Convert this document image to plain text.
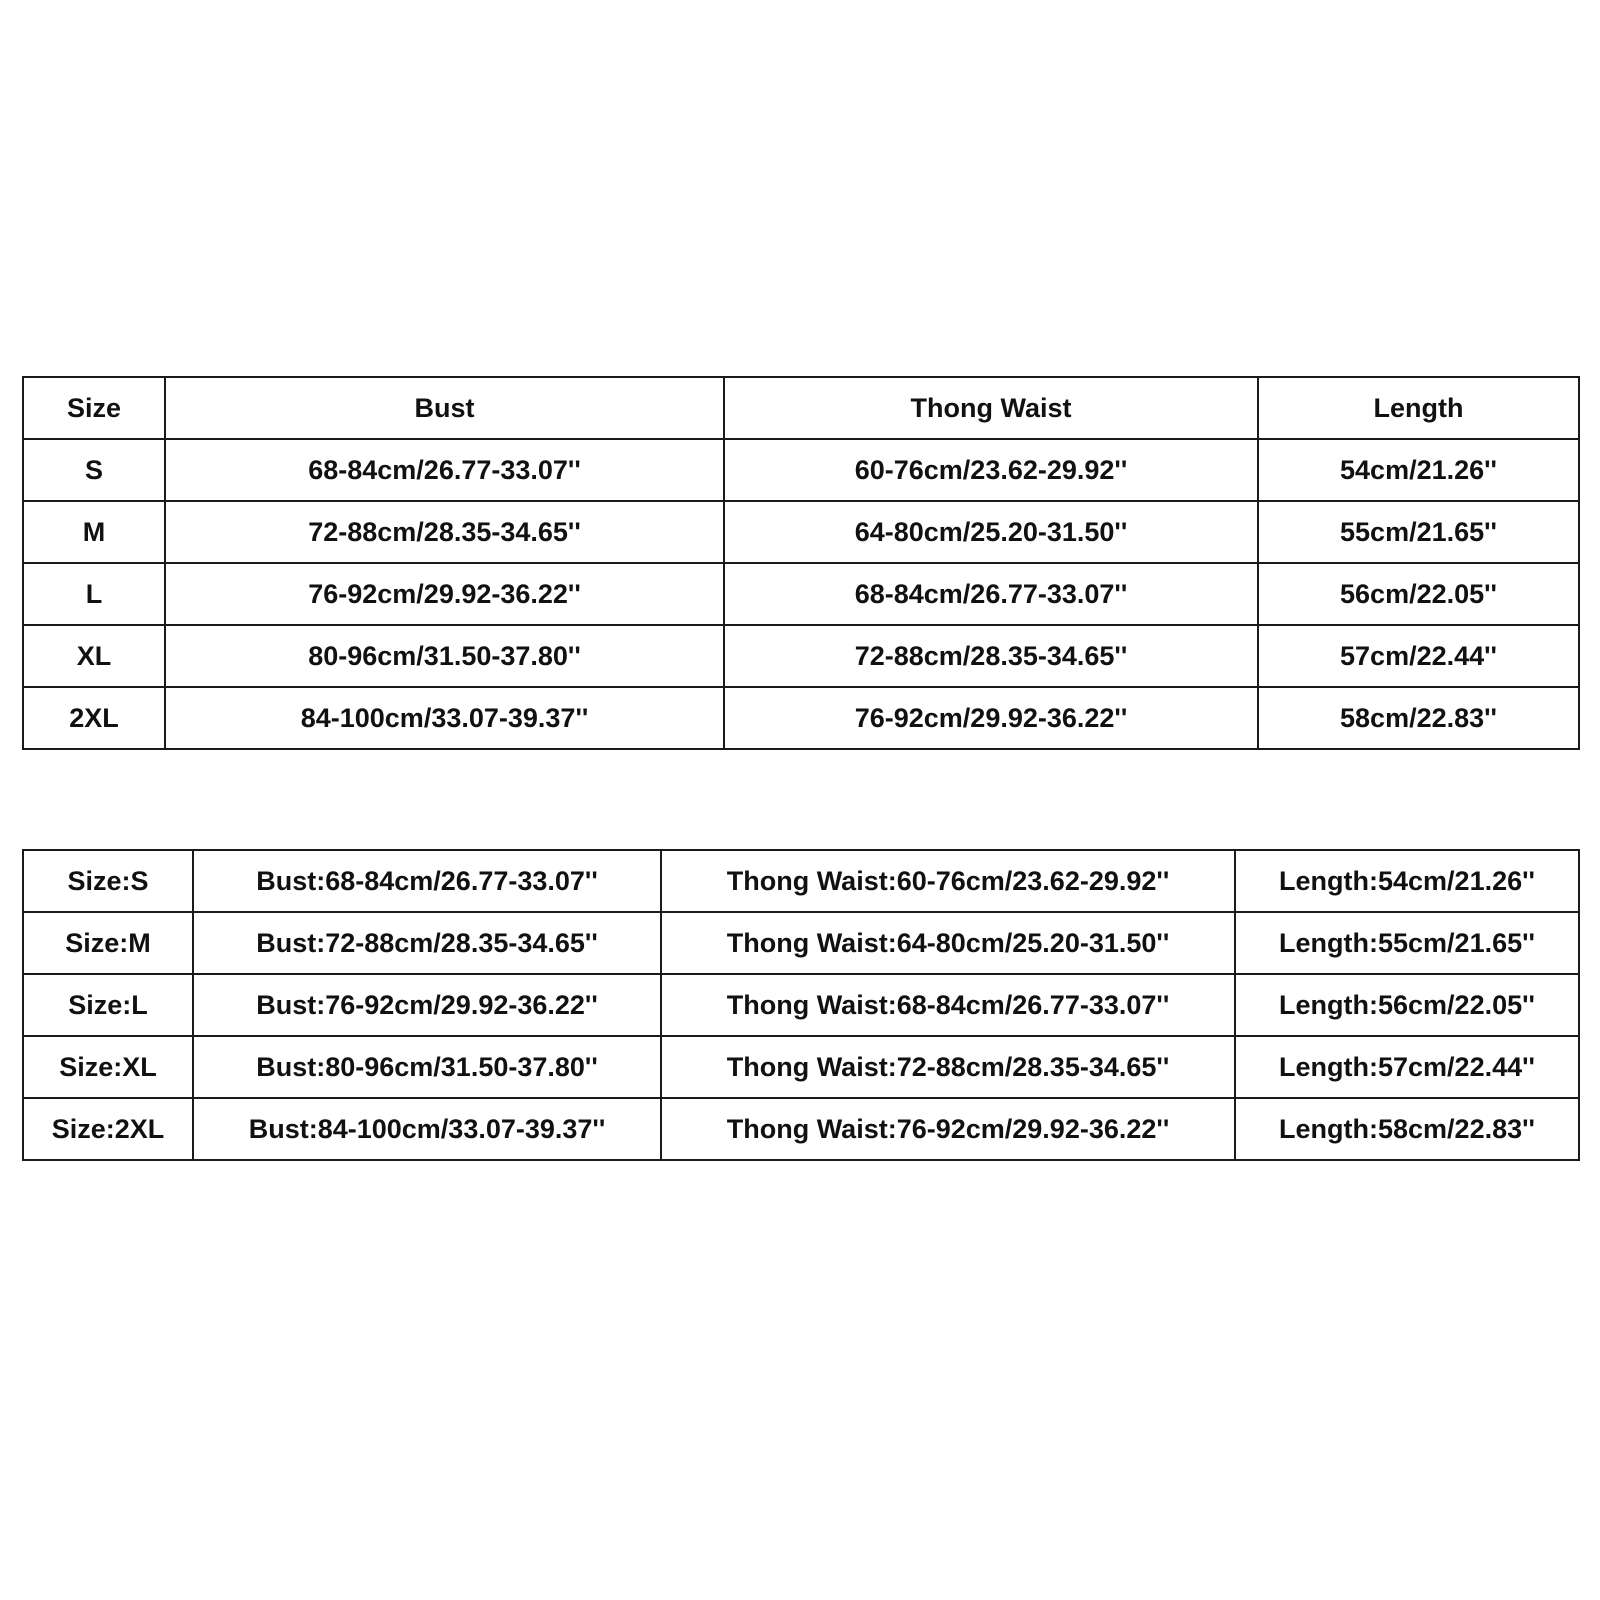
Size	Bust	Thong Waist	Length
S	68-84cm/26.77-33.07''	60-76cm/23.62-29.92''	54cm/21.26''
M	72-88cm/28.35-34.65''	64-80cm/25.20-31.50''	55cm/21.65''
L	76-92cm/29.92-36.22''	68-84cm/26.77-33.07''	56cm/22.05''
XL	80-96cm/31.50-37.80''	72-88cm/28.35-34.65''	57cm/22.44''
2XL	84-100cm/33.07-39.37''	76-92cm/29.92-36.22''	58cm/22.83''
Size:S	Bust:68-84cm/26.77-33.07''	Thong Waist:60-76cm/23.62-29.92''	Length:54cm/21.26''
Size:M	Bust:72-88cm/28.35-34.65''	Thong Waist:64-80cm/25.20-31.50''	Length:55cm/21.65''
Size:L	Bust:76-92cm/29.92-36.22''	Thong Waist:68-84cm/26.77-33.07''	Length:56cm/22.05''
Size:XL	Bust:80-96cm/31.50-37.80''	Thong Waist:72-88cm/28.35-34.65''	Length:57cm/22.44''
Size:2XL	Bust:84-100cm/33.07-39.37''	Thong Waist:76-92cm/29.92-36.22''	Length:58cm/22.83''
